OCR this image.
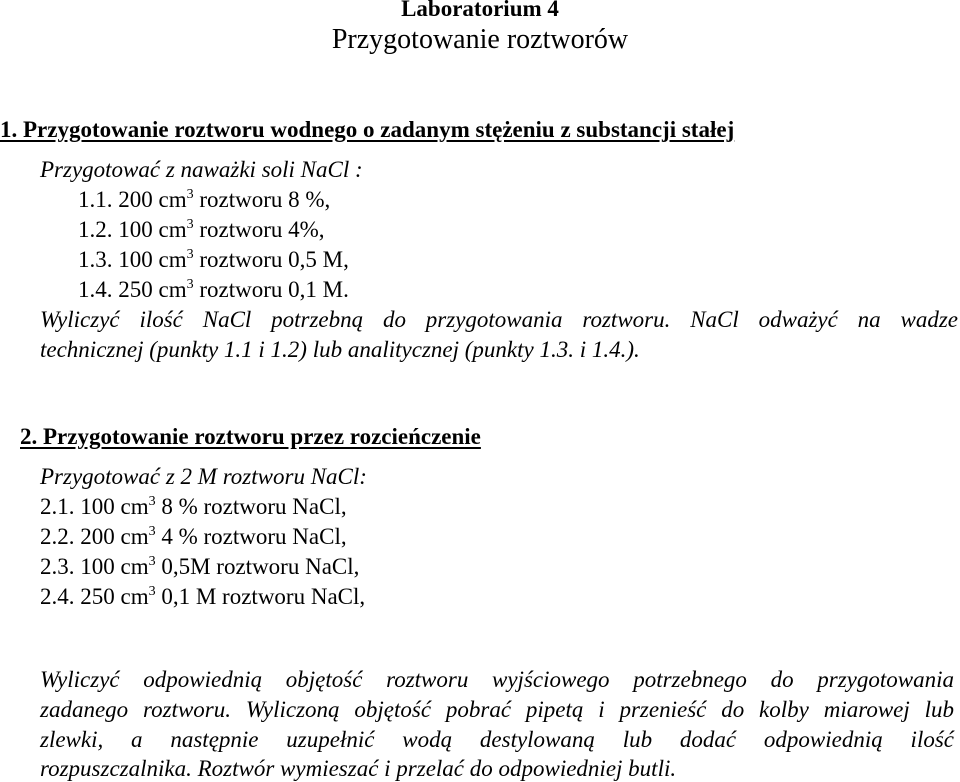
Laboratorium 4
Przygotowanie roztworów
1. Przygotowanie roztworu wodnego o zadanym stężeniu z substancji stałej
Przygotować z naważki soli NaCl :
1.1. 200 $cm^3$ roztworu 8 %,
1.2. 100 $cm^3$ roztworu 4%,
1.3. 100 $cm^3$ roztworu 0,5 M,
1.4. 250 $cm^3$ roztworu 0,1 M.
Wyliczyć ilość NaCl potrzebną do przygotowania roztworu. NaCl odważyć na wadze
technicznej (punkty 1.1 i 1.2) lub analitycznej (punkty 1.3. i 1.4.).
2. Przygotowanie roztworu przez rozcieńczenie
Przygotować z 2 M roztworu NaCl:
2.1. 100 $cm^3$ 8 % roztworu NaCl,
2.2. 200 $cm^3$ 4 % roztworu NaCl,
2.3. 100 $cm^3$ 0,5M roztworu NaCl,
2.4. 250 $cm^3$ 0,1 M roztworu NaCl,
Wyliczyć odpowiednią objętość roztworu wyjściowego potrzebnego do przygotowania
zadanego roztworu. Wyliczoną objętość pobrać pipetą i przenieść do kolby miarowej lub
zlewki, a następnie uzupełnić wodą destylowaną lub dodać odpowiednią ilość
rozpuszczalnika. Roztwór wymieszać i przelać do odpowiedniej butli.
